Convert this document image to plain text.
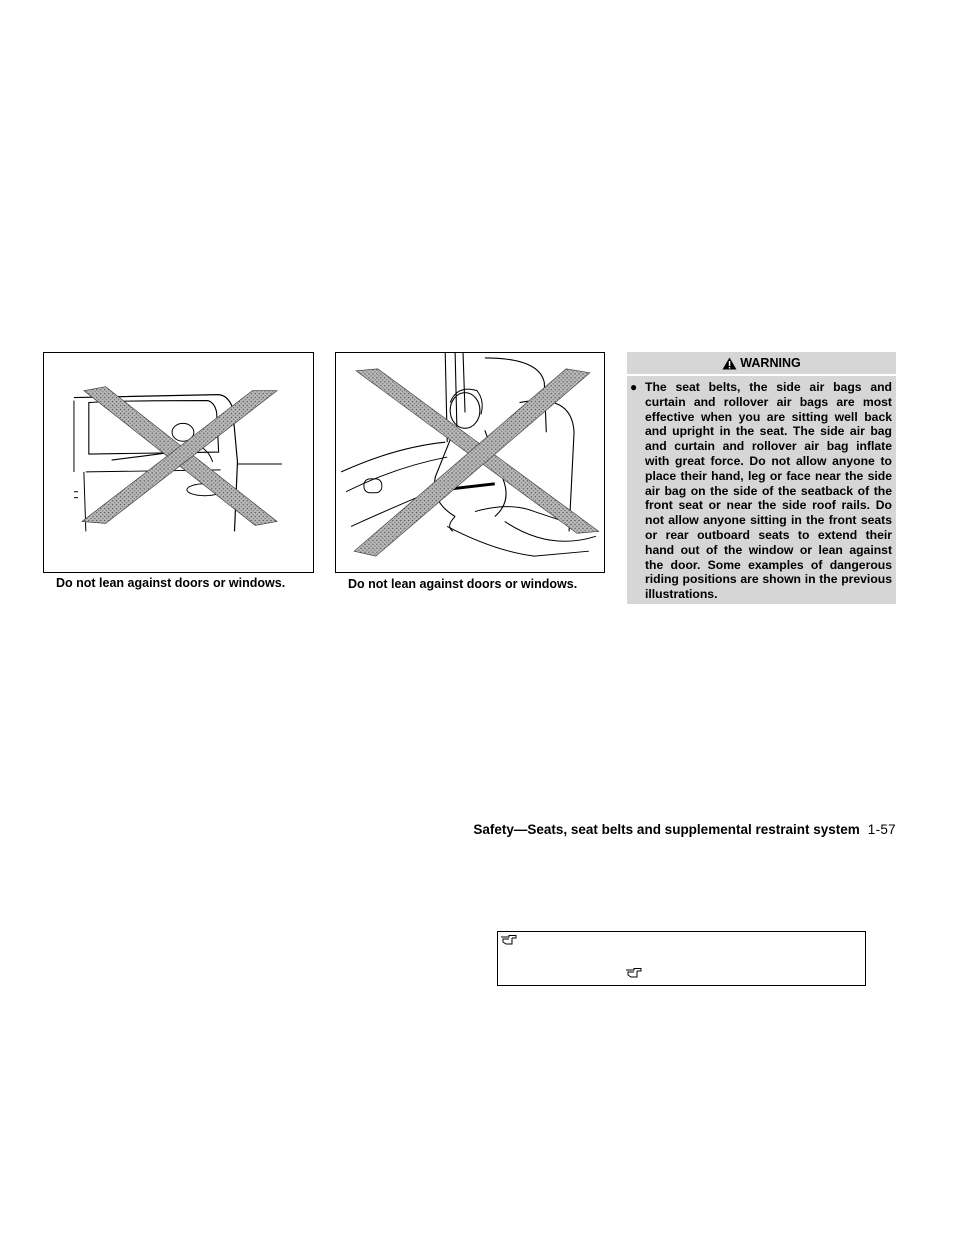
Do not lean against doors or windows.	Do not lean against doors or windows.
WARNING
● The seat belts, the side air bags and curtain and rollover air bags are most effective when you are sitting well back and upright in the seat. The side air bag and curtain and rollover air bag inflate with great force. Do not allow anyone to place their hand, leg or face near the side air bag on the side of the seatback of the front seat or near the side roof rails. Do not allow anyone sitting in the front seats or rear outboard seats to extend their hand out of the window or lean against the door. Some examples of dangerous riding positions are shown in the previous illustrations.
Safety—Seats, seat belts and supplemental restraint system 1-57
